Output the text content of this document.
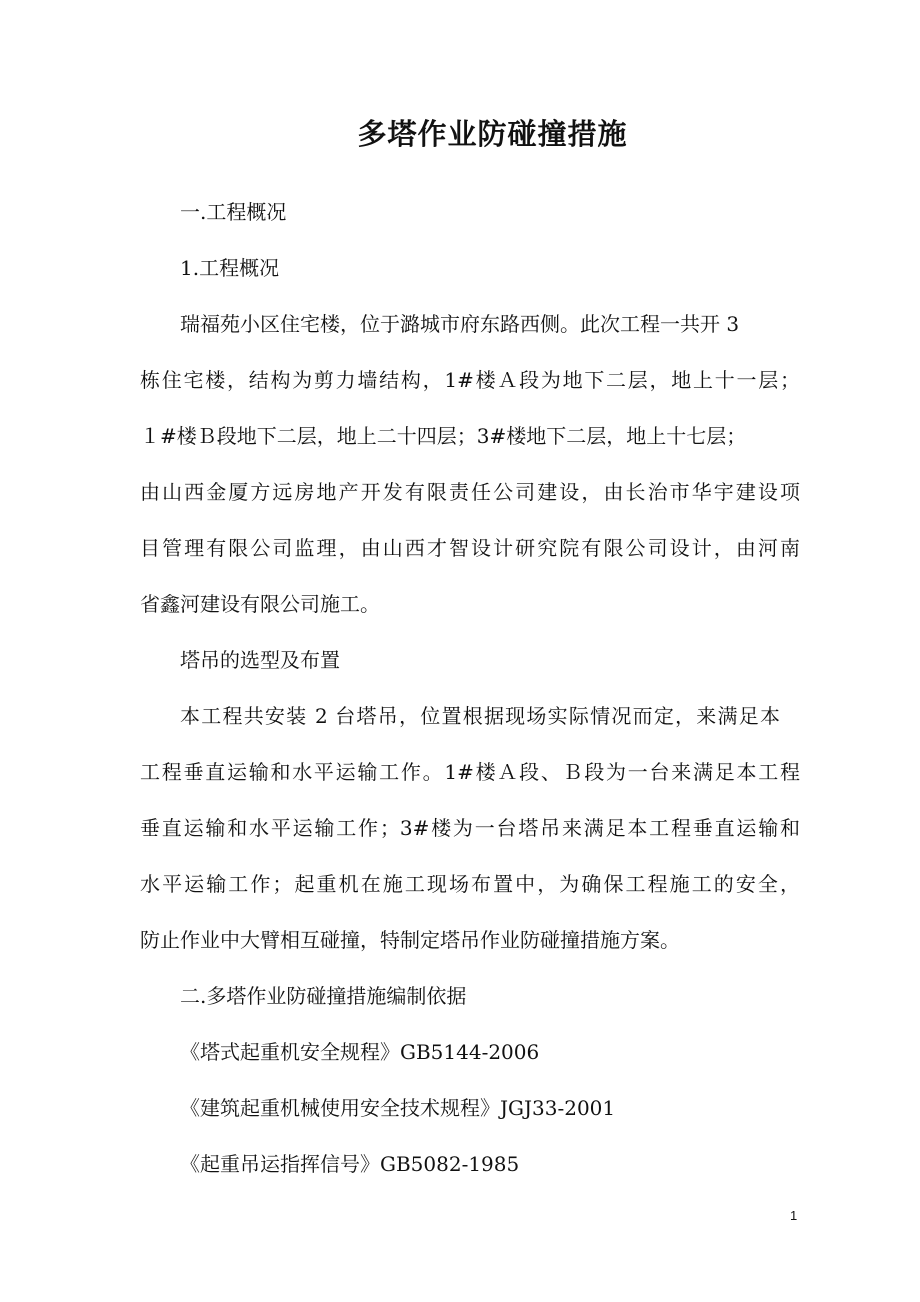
多塔作业防碰撞措施

一.工程概况

1.工程概况

瑞福苑小区住宅楼，位于潞城市府东路西侧。此次工程一共开 3

栋住宅楼，结构为剪力墙结构，1#楼Ａ段为地下二层，地上十一层；

１#楼Ｂ段地下二层，地上二十四层；3#楼地下二层，地上十七层；

由山西金厦方远房地产开发有限责任公司建设，由长治市华宇建设项

目管理有限公司监理，由山西才智设计研究院有限公司设计，由河南

省鑫河建设有限公司施工。

塔吊的选型及布置

本工程共安装 2 台塔吊，位置根据现场实际情况而定，来满足本

工程垂直运输和水平运输工作。1#楼Ａ段、Ｂ段为一台来满足本工程

垂直运输和水平运输工作；3#楼为一台塔吊来满足本工程垂直运输和

水平运输工作；起重机在施工现场布置中，为确保工程施工的安全，

防止作业中大臂相互碰撞，特制定塔吊作业防碰撞措施方案。

二.多塔作业防碰撞措施编制依据

《塔式起重机安全规程》GB5144-2006

《建筑起重机械使用安全技术规程》JGJ33-2001

《起重吊运指挥信号》GB5082-1985

1
